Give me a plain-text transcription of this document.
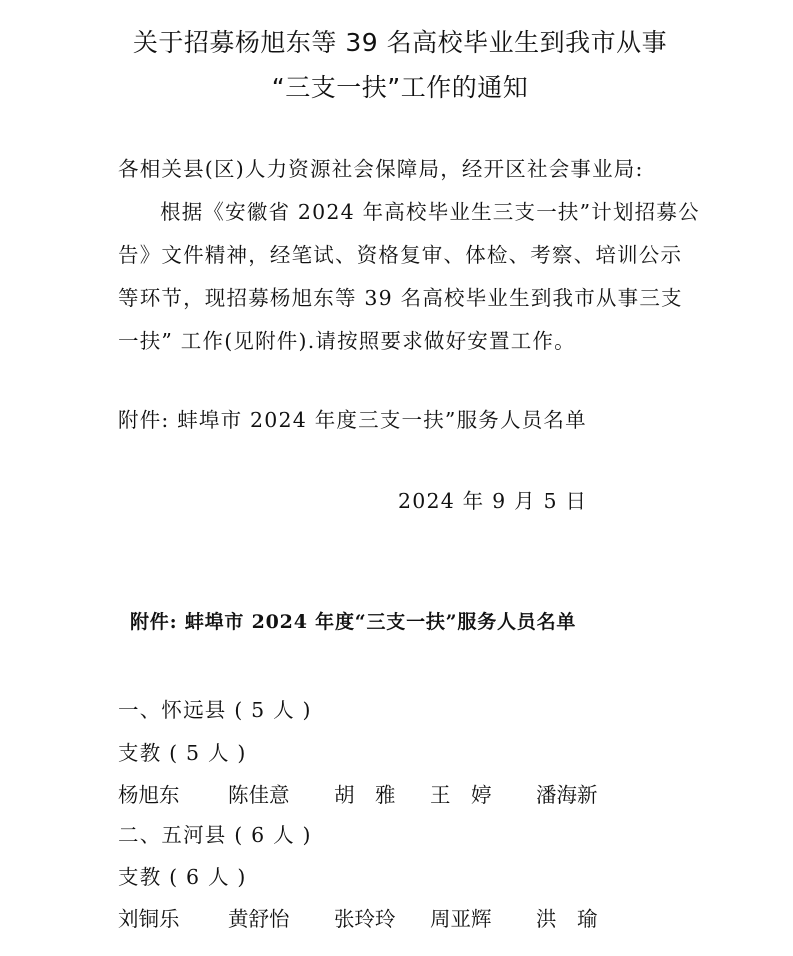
关于招募杨旭东等 39 名高校毕业生到我市从事
“三支一扶”工作的通知
各相关县(区)人力资源社会保障局，经开区社会事业局:
根据《安徽省 2024 年高校毕业生三支一扶”计划招募公
告》文件精神，经笔试、资格复审、体检、考察、培训公示
等环节，现招募杨旭东等 39 名高校毕业生到我市从事三支
一扶” 工作(见附件).请按照要求做好安置工作。
附件: 蚌埠市 2024 年度三支一扶”服务人员名单
2024 年 9 月 5 日
附件: 蚌埠市 2024 年度“三支一扶”服务人员名单
一、怀远县 ( 5 人 )
支教 ( 5 人 )
杨旭东 陈佳意 胡　雅 王　婷 潘海新
二、五河县 ( 6 人 )
支教 ( 6 人 )
刘铜乐 黄舒怡 张玲玲 周亚辉 洪　瑜
